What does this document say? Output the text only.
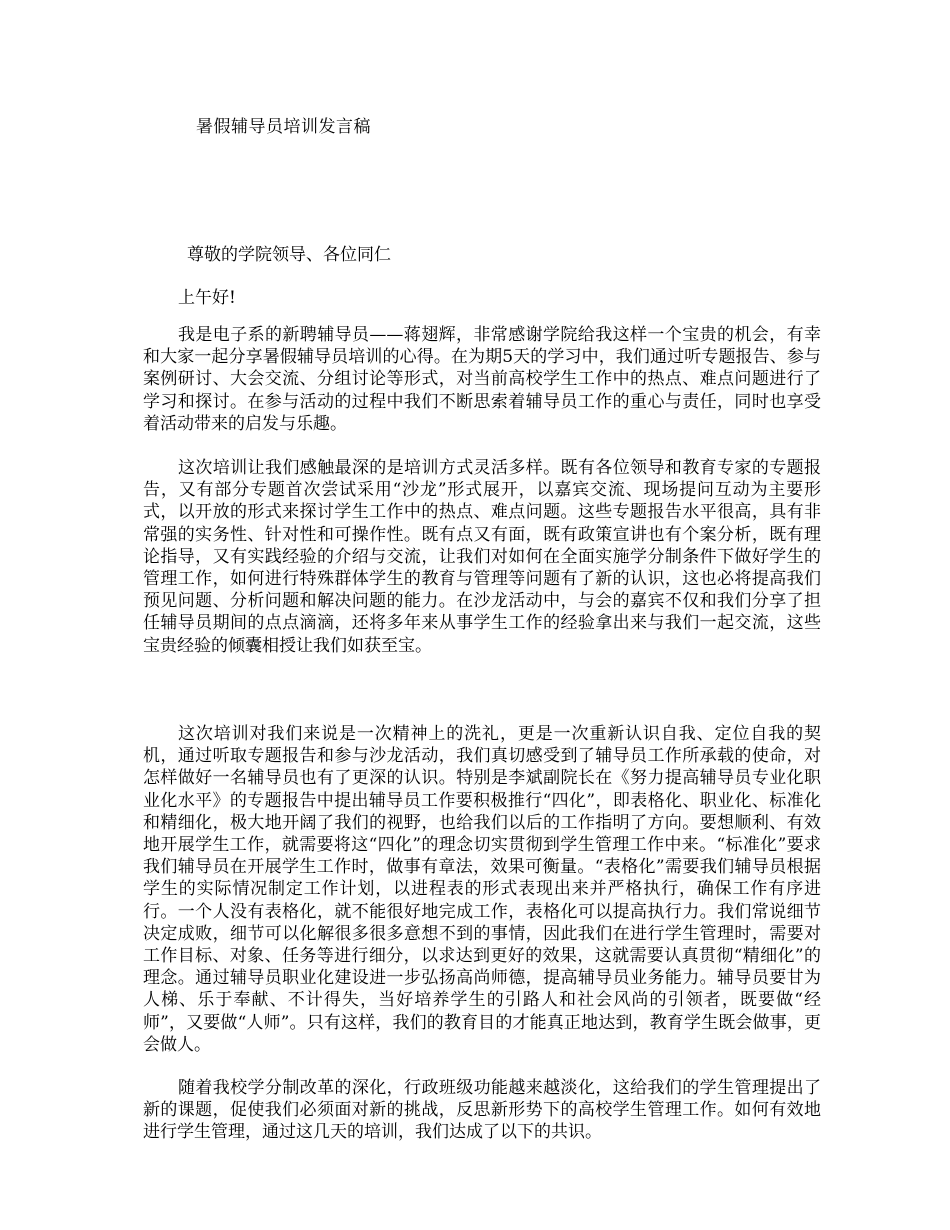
暑假辅导员培训发言稿
尊敬的学院领导、各位同仁
上午好!

我是电子系的新聘辅导员——蒋翅辉，非常感谢学院给我这样一个宝贵的机会，有幸和大家一起分享暑假辅导员培训的心得。在为期5天的学习中，我们通过听专题报告、参与案例研讨、大会交流、分组讨论等形式，对当前高校学生工作中的热点、难点问题进行了学习和探讨。在参与活动的过程中我们不断思索着辅导员工作的重心与责任，同时也享受着活动带来的启发与乐趣。

这次培训让我们感触最深的是培训方式灵活多样。既有各位领导和教育专家的专题报告，又有部分专题首次尝试采用“沙龙”形式展开，以嘉宾交流、现场提问互动为主要形式，以开放的形式来探讨学生工作中的热点、难点问题。这些专题报告水平很高，具有非常强的实务性、针对性和可操作性。既有点又有面，既有政策宣讲也有个案分析，既有理论指导，又有实践经验的介绍与交流，让我们对如何在全面实施学分制条件下做好学生的管理工作，如何进行特殊群体学生的教育与管理等问题有了新的认识，这也必将提高我们预见问题、分析问题和解决问题的能力。在沙龙活动中，与会的嘉宾不仅和我们分享了担任辅导员期间的点点滴滴，还将多年来从事学生工作的经验拿出来与我们一起交流，这些宝贵经验的倾囊相授让我们如获至宝。

这次培训对我们来说是一次精神上的洗礼，更是一次重新认识自我、定位自我的契机，通过听取专题报告和参与沙龙活动，我们真切感受到了辅导员工作所承载的使命，对怎样做好一名辅导员也有了更深的认识。特别是李斌副院长在《努力提高辅导员专业化职业化水平》的专题报告中提出辅导员工作要积极推行“四化”，即表格化、职业化、标准化和精细化，极大地开阔了我们的视野，也给我们以后的工作指明了方向。要想顺利、有效地开展学生工作，就需要将这“四化”的理念切实贯彻到学生管理工作中来。“标准化”要求我们辅导员在开展学生工作时，做事有章法，效果可衡量。“表格化”需要我们辅导员根据学生的实际情况制定工作计划，以进程表的形式表现出来并严格执行，确保工作有序进行。一个人没有表格化，就不能很好地完成工作，表格化可以提高执行力。我们常说细节决定成败，细节可以化解很多很多意想不到的事情，因此我们在进行学生管理时，需要对工作目标、对象、任务等进行细分，以求达到更好的效果，这就需要认真贯彻“精细化”的理念。通过辅导员职业化建设进一步弘扬高尚师德，提高辅导员业务能力。辅导员要甘为人梯、乐于奉献、不计得失，当好培养学生的引路人和社会风尚的引领者，既要做“经师”，又要做“人师”。只有这样，我们的教育目的才能真正地达到，教育学生既会做事，更会做人。

随着我校学分制改革的深化，行政班级功能越来越淡化，这给我们的学生管理提出了新的课题，促使我们必须面对新的挑战，反思新形势下的高校学生管理工作。如何有效地进行学生管理，通过这几天的培训，我们达成了以下的共识。
